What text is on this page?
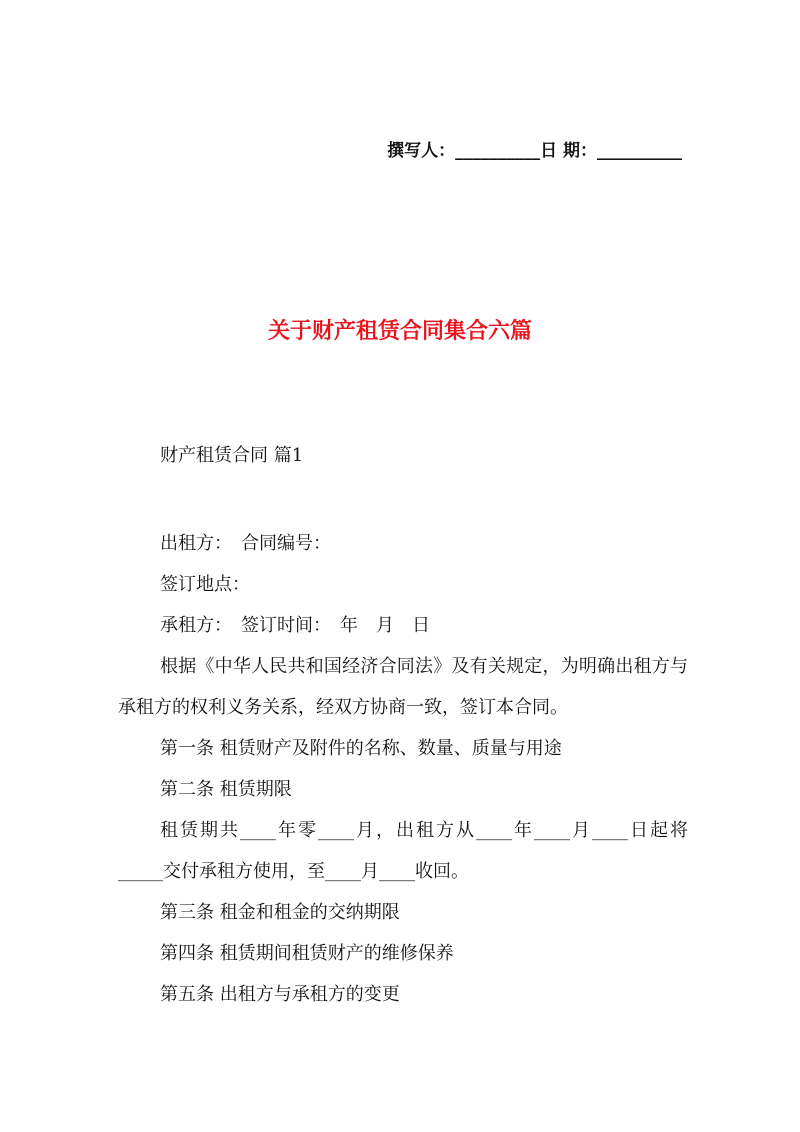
撰写人：__________日 期：__________
关于财产租赁合同集合六篇
财产租赁合同 篇1

出租方：　合同编号：

签订地点：

承租方：　签订时间：　年　月　日

根据《中华人民共和国经济合同法》及有关规定，为明确出租方与承租方的权利义务关系，经双方协商一致，签订本合同。

第一条 租赁财产及附件的名称、数量、质量与用途

第二条 租赁期限

租赁期共____年零____月，出租方从____年____月____日起将_____交付承租方使用，至____月____收回。

第三条 租金和租金的交纳期限

第四条 租赁期间租赁财产的维修保养

第五条 出租方与承租方的变更
